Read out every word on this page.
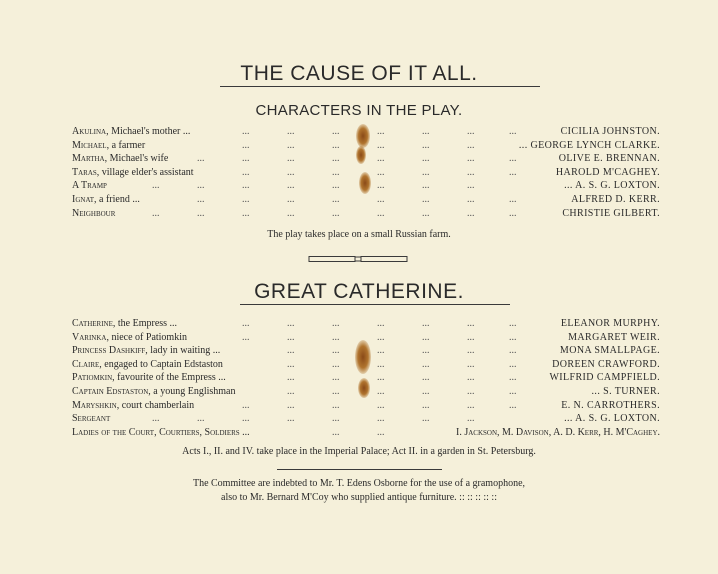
THE CAUSE OF IT ALL.
CHARACTERS IN THE PLAY.
...	...	...	...	...	...	...
Akulina, Michael's mother ...	CICILIA JOHNSTON.
...	...	...	...	...	...
Michael, a farmer	... GEORGE LYNCH CLARKE.
...	...	...	...	...	...	...	...
Martha, Michael's wife	OLIVE E. BRENNAN.
...	...	...	...	...	...	...
Taras, village elder's assistant	HAROLD M'CAGHEY.
...	...	...	...	...	...	...	...
A Tramp	... A. S. G. LOXTON.
...	...	...	...	...	...	...	...
Ignat, a friend ...	ALFRED D. KERR.
...	...	...	...	...	...	...	...	...
Neighbour	CHRISTIE GILBERT.
The play takes place on a small Russian farm.
GREAT CATHERINE.
...	...	...	...	...	...	...
Catherine, the Empress ...	ELEANOR MURPHY.
...	...	...	...	...	...	...
Varinka, niece of Patiomkin	MARGARET WEIR.
...	...	...	...	...	...
Princess Dashkiff, lady in waiting ...	MONA SMALLPAGE.
...	...	...	...	...	...
Claire, engaged to Captain Edstaston	DOREEN CRAWFORD.
...	...	...	...	...	...
Patiomkin, favourite of the Empress ...	WILFRID CAMPFIELD.
...	...	...	...	...	...
Captain Edstaston, a young Englishman	... S. TURNER.
...	...	...	...	...	...	...
Maryshkin, court chamberlain	E. N. CARROTHERS.
...	...	...	...	...	...	...	...
Sergeant	... A. S. G. LOXTON.
...	...
Ladies of the Court, Courtiers, Soldiers ...	I. Jackson, M. Davison, A. D. Kerr, H. M'Caghey.
Acts I., II. and IV. take place in the Imperial Palace; Act II. in a garden in St. Petersburg.
The Committee are indebted to Mr. T. Edens Osborne for the use of a gramophone,
also to Mr. Bernard M'Coy who supplied antique furniture. :: :: :: :: ::
